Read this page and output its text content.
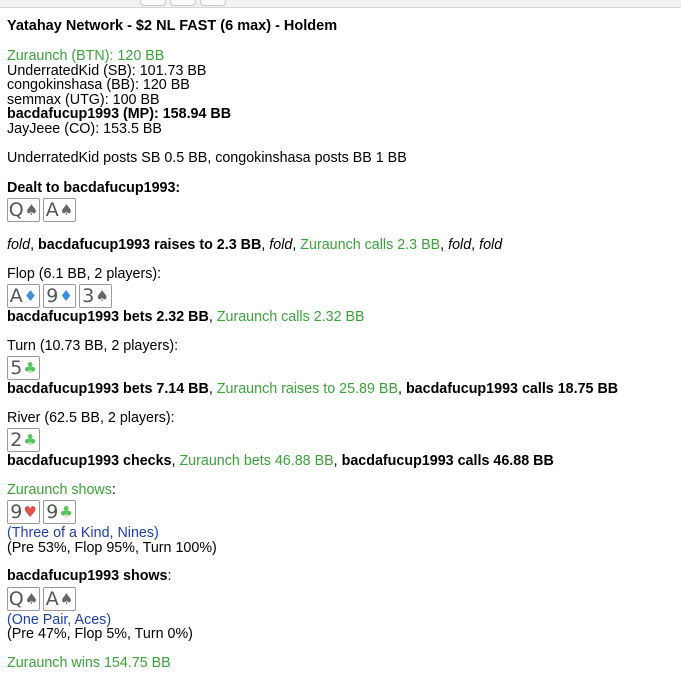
Yatahay Network - $2 NL FAST (6 max) - Holdem
Zuraunch (BTN): 120 BB
UnderratedKid (SB): 101.73 BB
congokinshasa (BB): 120 BB
semmax (UTG): 100 BB
bacdafucup1993 (MP): 158.94 BB
JayJeee (CO): 153.5 BB
UnderratedKid posts SB 0.5 BB, congokinshasa posts BB 1 BB
Dealt to bacdafucup1993:
Q ♠ A ♠
fold, bacdafucup1993 raises to 2.3 BB, fold, Zuraunch calls 2.3 BB, fold, fold
Flop (6.1 BB, 2 players):
A ♦ 9 ♦ 3 ♠
bacdafucup1993 bets 2.32 BB, Zuraunch calls 2.32 BB
Turn (10.73 BB, 2 players):
5 ♣
bacdafucup1993 bets 7.14 BB, Zuraunch raises to 25.89 BB, bacdafucup1993 calls 18.75 BB
River (62.5 BB, 2 players):
2 ♣
bacdafucup1993 checks, Zuraunch bets 46.88 BB, bacdafucup1993 calls 46.88 BB
Zuraunch shows:
9 ♥ 9 ♣
(Three of a Kind, Nines)
(Pre 53%, Flop 95%, Turn 100%)
bacdafucup1993 shows:
Q ♠ A ♠
(One Pair, Aces)
(Pre 47%, Flop 5%, Turn 0%)
Zuraunch wins 154.75 BB
